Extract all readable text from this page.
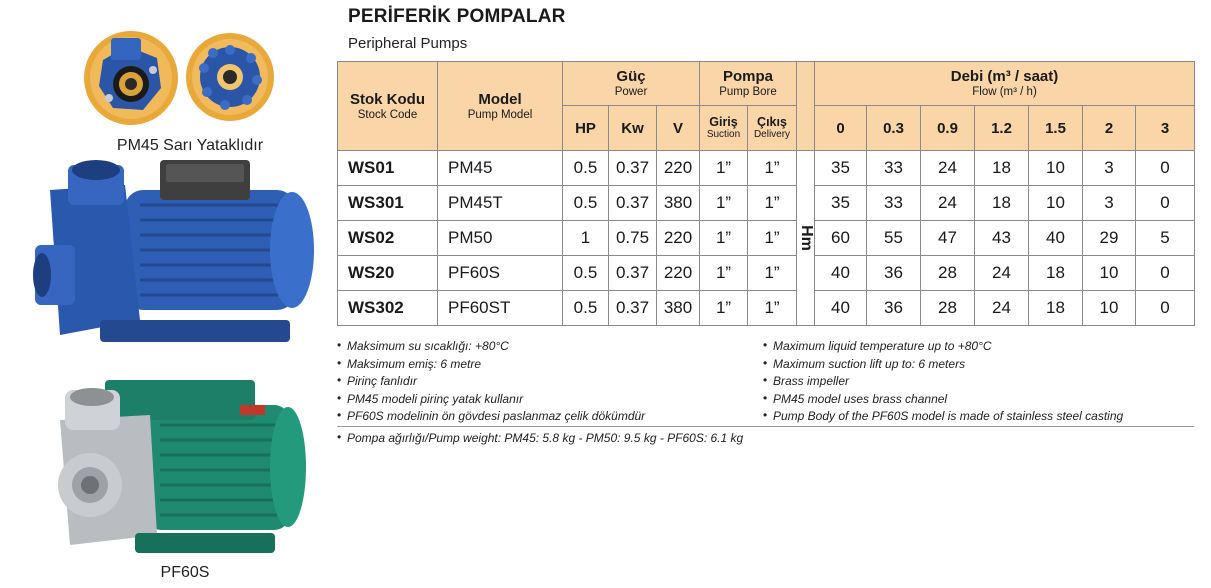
PM45 Sarı Yataklıdır
PF60S
PERİFERİK POMPALAR
Peripheral Pumps
Stok Kodu
Stock Code	Model
Pump Model	Güç
Power			Pompa
Pump Bore			Debi (m³ / saat)
Flow (m³ / h)						

		HP	Kw	V	Giriş
Suction	Çıkış
Delivery		0	0.3	0.9	1.2	1.5	2	3
WS01	PM45	0.5	0.37	220	1”	1”	Hm	35	33	24	18	10	3	0
WS301	PM45T	0.5	0.37	380	1”	1”		35	33	24	18	10	3	0
WS02	PM50	1	0.75	220	1”	1”		60	55	47	43	40	29	5
WS20	PF60S	0.5	0.37	220	1”	1”		40	36	28	24	18	10	0
WS302	PF60ST	0.5	0.37	380	1”	1”		40	36	28	24	18	10	0
• Maksimum su sıcaklığı: +80°C
• Maksimum emiş: 6 metre
• Pirinç fanlıdır
• PM45 modeli pirinç yatak kullanır
• PF60S modelinin ön gövdesi paslanmaz çelik dökümdür
• Maximum liquid temperature up to +80°C
• Maximum suction lift up to: 6 meters
• Brass impeller
• PM45 model uses brass channel
• Pump Body of the PF60S model is made of stainless steel casting
• Pompa ağırlığı/Pump weight: PM45: 5.8 kg - PM50: 9.5 kg - PF60S: 6.1 kg
